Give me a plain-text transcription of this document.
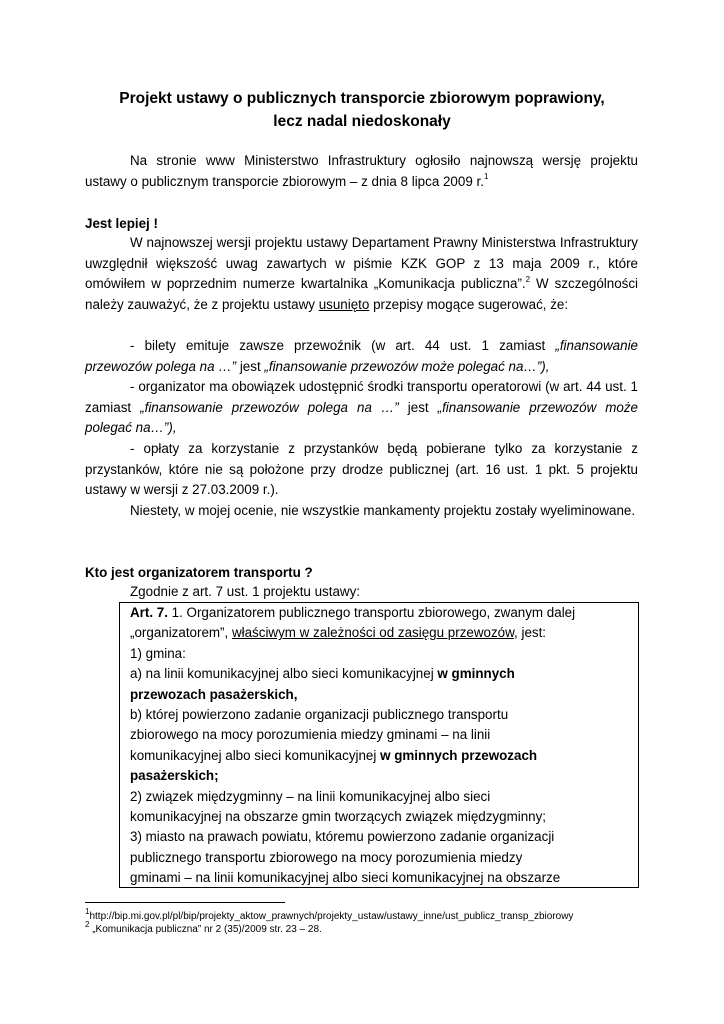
Projekt ustawy o publicznych transporcie zbiorowym poprawiony,
lecz nadal niedoskonały
Na stronie www Ministerstwo Infrastruktury ogłosiło najnowszą wersję projektu ustawy o publicznym transporcie zbiorowym – z dnia 8 lipca 2009 r.$^1$
Jest lepiej !
W najnowszej wersji projektu ustawy Departament Prawny Ministerstwa Infrastruktury uwzględnił większość uwag zawartych w piśmie KZK GOP z 13 maja 2009 r., które omówiłem w poprzednim numerze kwartalnika „Komunikacja publiczna”.$^2$ W szczególności należy zauważyć, że z projektu ustawy usunięto przepisy mogące sugerować, że:
- bilety emituje zawsze przewoźnik (w art. 44 ust. 1 zamiast „finansowanie przewozów polega na …” jest „finansowanie przewozów może polegać na…”),
- organizator ma obowiązek udostępnić środki transportu operatorowi (w art. 44 ust. 1 zamiast „finansowanie przewozów polega na …” jest „finansowanie przewozów może polegać na…”),
- opłaty za korzystanie z przystanków będą pobierane tylko za korzystanie z przystanków, które nie są położone przy drodze publicznej (art. 16 ust. 1 pkt. 5 projektu ustawy w wersji z 27.03.2009 r.).
Niestety, w mojej ocenie, nie wszystkie mankamenty projektu zostały wyeliminowane.
Kto jest organizatorem transportu ?
Zgodnie z art. 7 ust. 1 projektu ustawy:
Art. 7. 1. Organizatorem publicznego transportu zbiorowego, zwanym dalej
„organizatorem”, właściwym w zależności od zasięgu przewozów, jest:
1) gmina:
a) na linii komunikacyjnej albo sieci komunikacyjnej w gminnych
przewozach pasażerskich,
b) której powierzono zadanie organizacji publicznego transportu
zbiorowego na mocy porozumienia miedzy gminami – na linii
komunikacyjnej albo sieci komunikacyjnej w gminnych przewozach
pasażerskich;
2) związek międzygminny – na linii komunikacyjnej albo sieci
komunikacyjnej na obszarze gmin tworzących związek międzygminny;
3) miasto na prawach powiatu, któremu powierzono zadanie organizacji
publicznego transportu zbiorowego na mocy porozumienia miedzy
gminami – na linii komunikacyjnej albo sieci komunikacyjnej na obszarze
$^1$http://bip.mi.gov.pl/pl/bip/projekty_aktow_prawnych/projekty_ustaw/ustawy_inne/ust_publicz_transp_zbiorowy
$^2$ „Komunikacja publiczna” nr 2 (35)/2009 str. 23 – 28.
